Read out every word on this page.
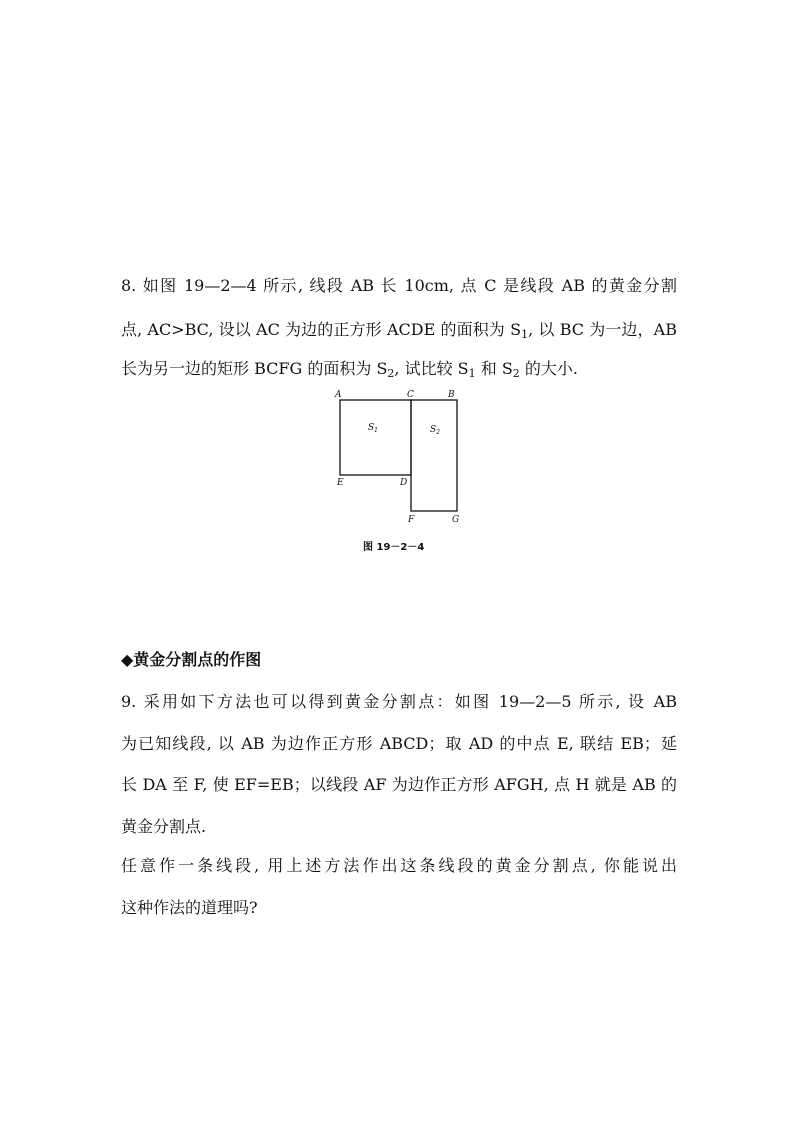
8. 如图 19—2—4 所示, 线段 AB 长 10cm, 点 C 是线段 AB 的黄金分割
点, AC>BC, 设以 AC 为边的正方形 ACDE 的面积为 $S_1$, 以 BC 为一边，AB
长为另一边的矩形 BCFG 的面积为 $S_2$, 试比较 $S_1$ 和 $S_2$ 的大小.
A	C	B
E	D
F	G
$S_1$	$S_2$
图 19－2－4
◆黄金分割点的作图
9. 采用如下方法也可以得到黄金分割点：如图 19—2—5 所示, 设 AB
为已知线段, 以 AB 为边作正方形 ABCD；取 AD 的中点 E, 联结 EB；延
长 DA 至 F, 使 EF=EB；以线段 AF 为边作正方形 AFGH, 点 H 就是 AB 的
黄金分割点.
任意作一条线段, 用上述方法作出这条线段的黄金分割点, 你能说出
这种作法的道理吗?
